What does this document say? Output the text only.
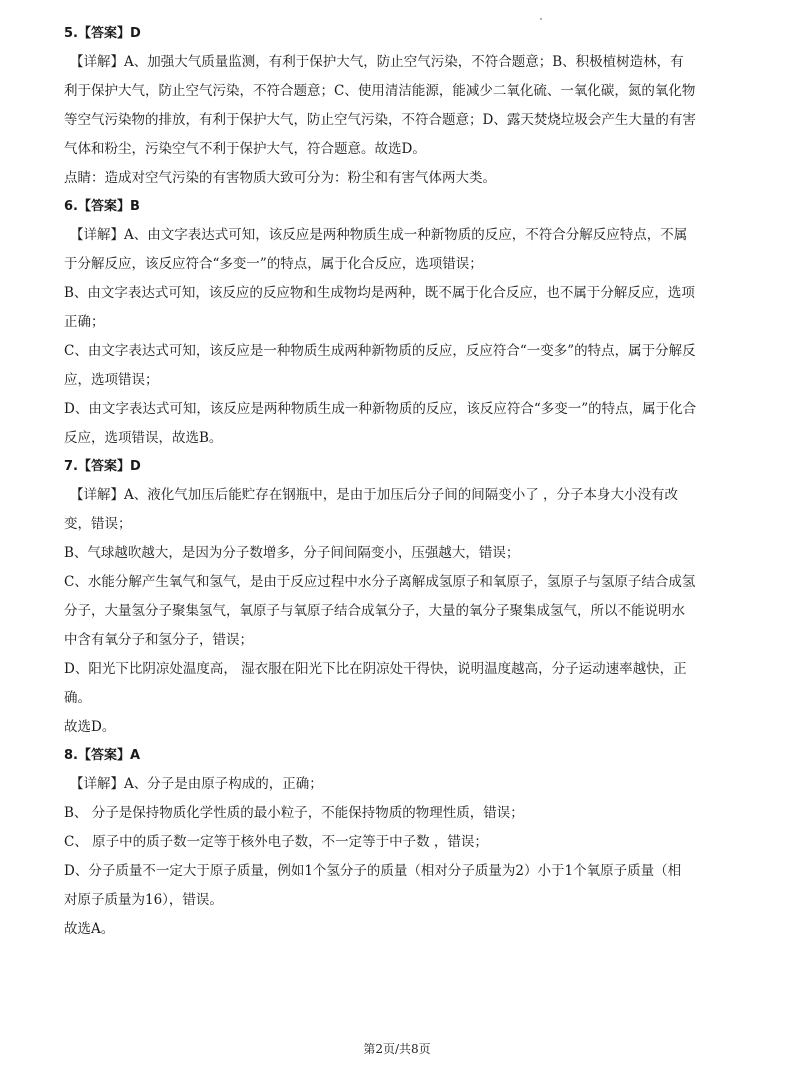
5.【答案】D

【详解】A、加强大气质量监测，有利于保护大气，防止空气污染，不符合题意；B、积极植树造林，有

利于保护大气，防止空气污染，不符合题意；C、使用清洁能源，能减少二氧化硫、一氧化碳，氮的氧化物

等空气污染物的排放，有利于保护大气，防止空气污染，不符合题意；D、露天焚烧垃圾会产生大量的有害

气体和粉尘，污染空气不利于保护大气，符合题意。故选D。

点睛：造成对空气污染的有害物质大致可分为：粉尘和有害气体两大类。

6.【答案】B

【详解】A、由文字表达式可知，该反应是两种物质生成一种新物质的反应，不符合分解反应特点，不属

于分解反应，该反应符合“多变一”的特点，属于化合反应，选项错误；

B、由文字表达式可知，该反应的反应物和生成物均是两种，既不属于化合反应，也不属于分解反应，选项

正确；

C、由文字表达式可知，该反应是一种物质生成两种新物质的反应，反应符合“一变多”的特点，属于分解反

应，选项错误；

D、由文字表达式可知，该反应是两种物质生成一种新物质的反应，该反应符合“多变一”的特点，属于化合

反应，选项错误，故选B。

7.【答案】D

【详解】A、液化气加压后能贮存在钢瓶中，是由于加压后分子间的间隔变小了 ，分子本身大小没有改

变，错误；

B、气球越吹越大，是因为分子数增多，分子间间隔变小，压强越大，错误；

C、水能分解产生氧气和氢气，是由于反应过程中水分子离解成氢原子和氧原子，氢原子与氢原子结合成氢

分子，大量氢分子聚集氢气，氧原子与氧原子结合成氧分子，大量的氧分子聚集成氢气，所以不能说明水

中含有氧分子和氢分子，错误；

D、阳光下比阴凉处温度高， 湿衣服在阳光下比在阴凉处干得快，说明温度越高，分子运动速率越快，正

确。

故选D。

8.【答案】A

【详解】A、分子是由原子构成的，正确；

B、 分子是保持物质化学性质的最小粒子，不能保持物质的物理性质，错误；

C、 原子中的质子数一定等于核外电子数，不一定等于中子数 ，错误；

D、分子质量不一定大于原子质量，例如1个氢分子的质量（相对分子质量为2）小于1个氧原子质量（相

对原子质量为16），错误。

故选A。

第2页/共8页
